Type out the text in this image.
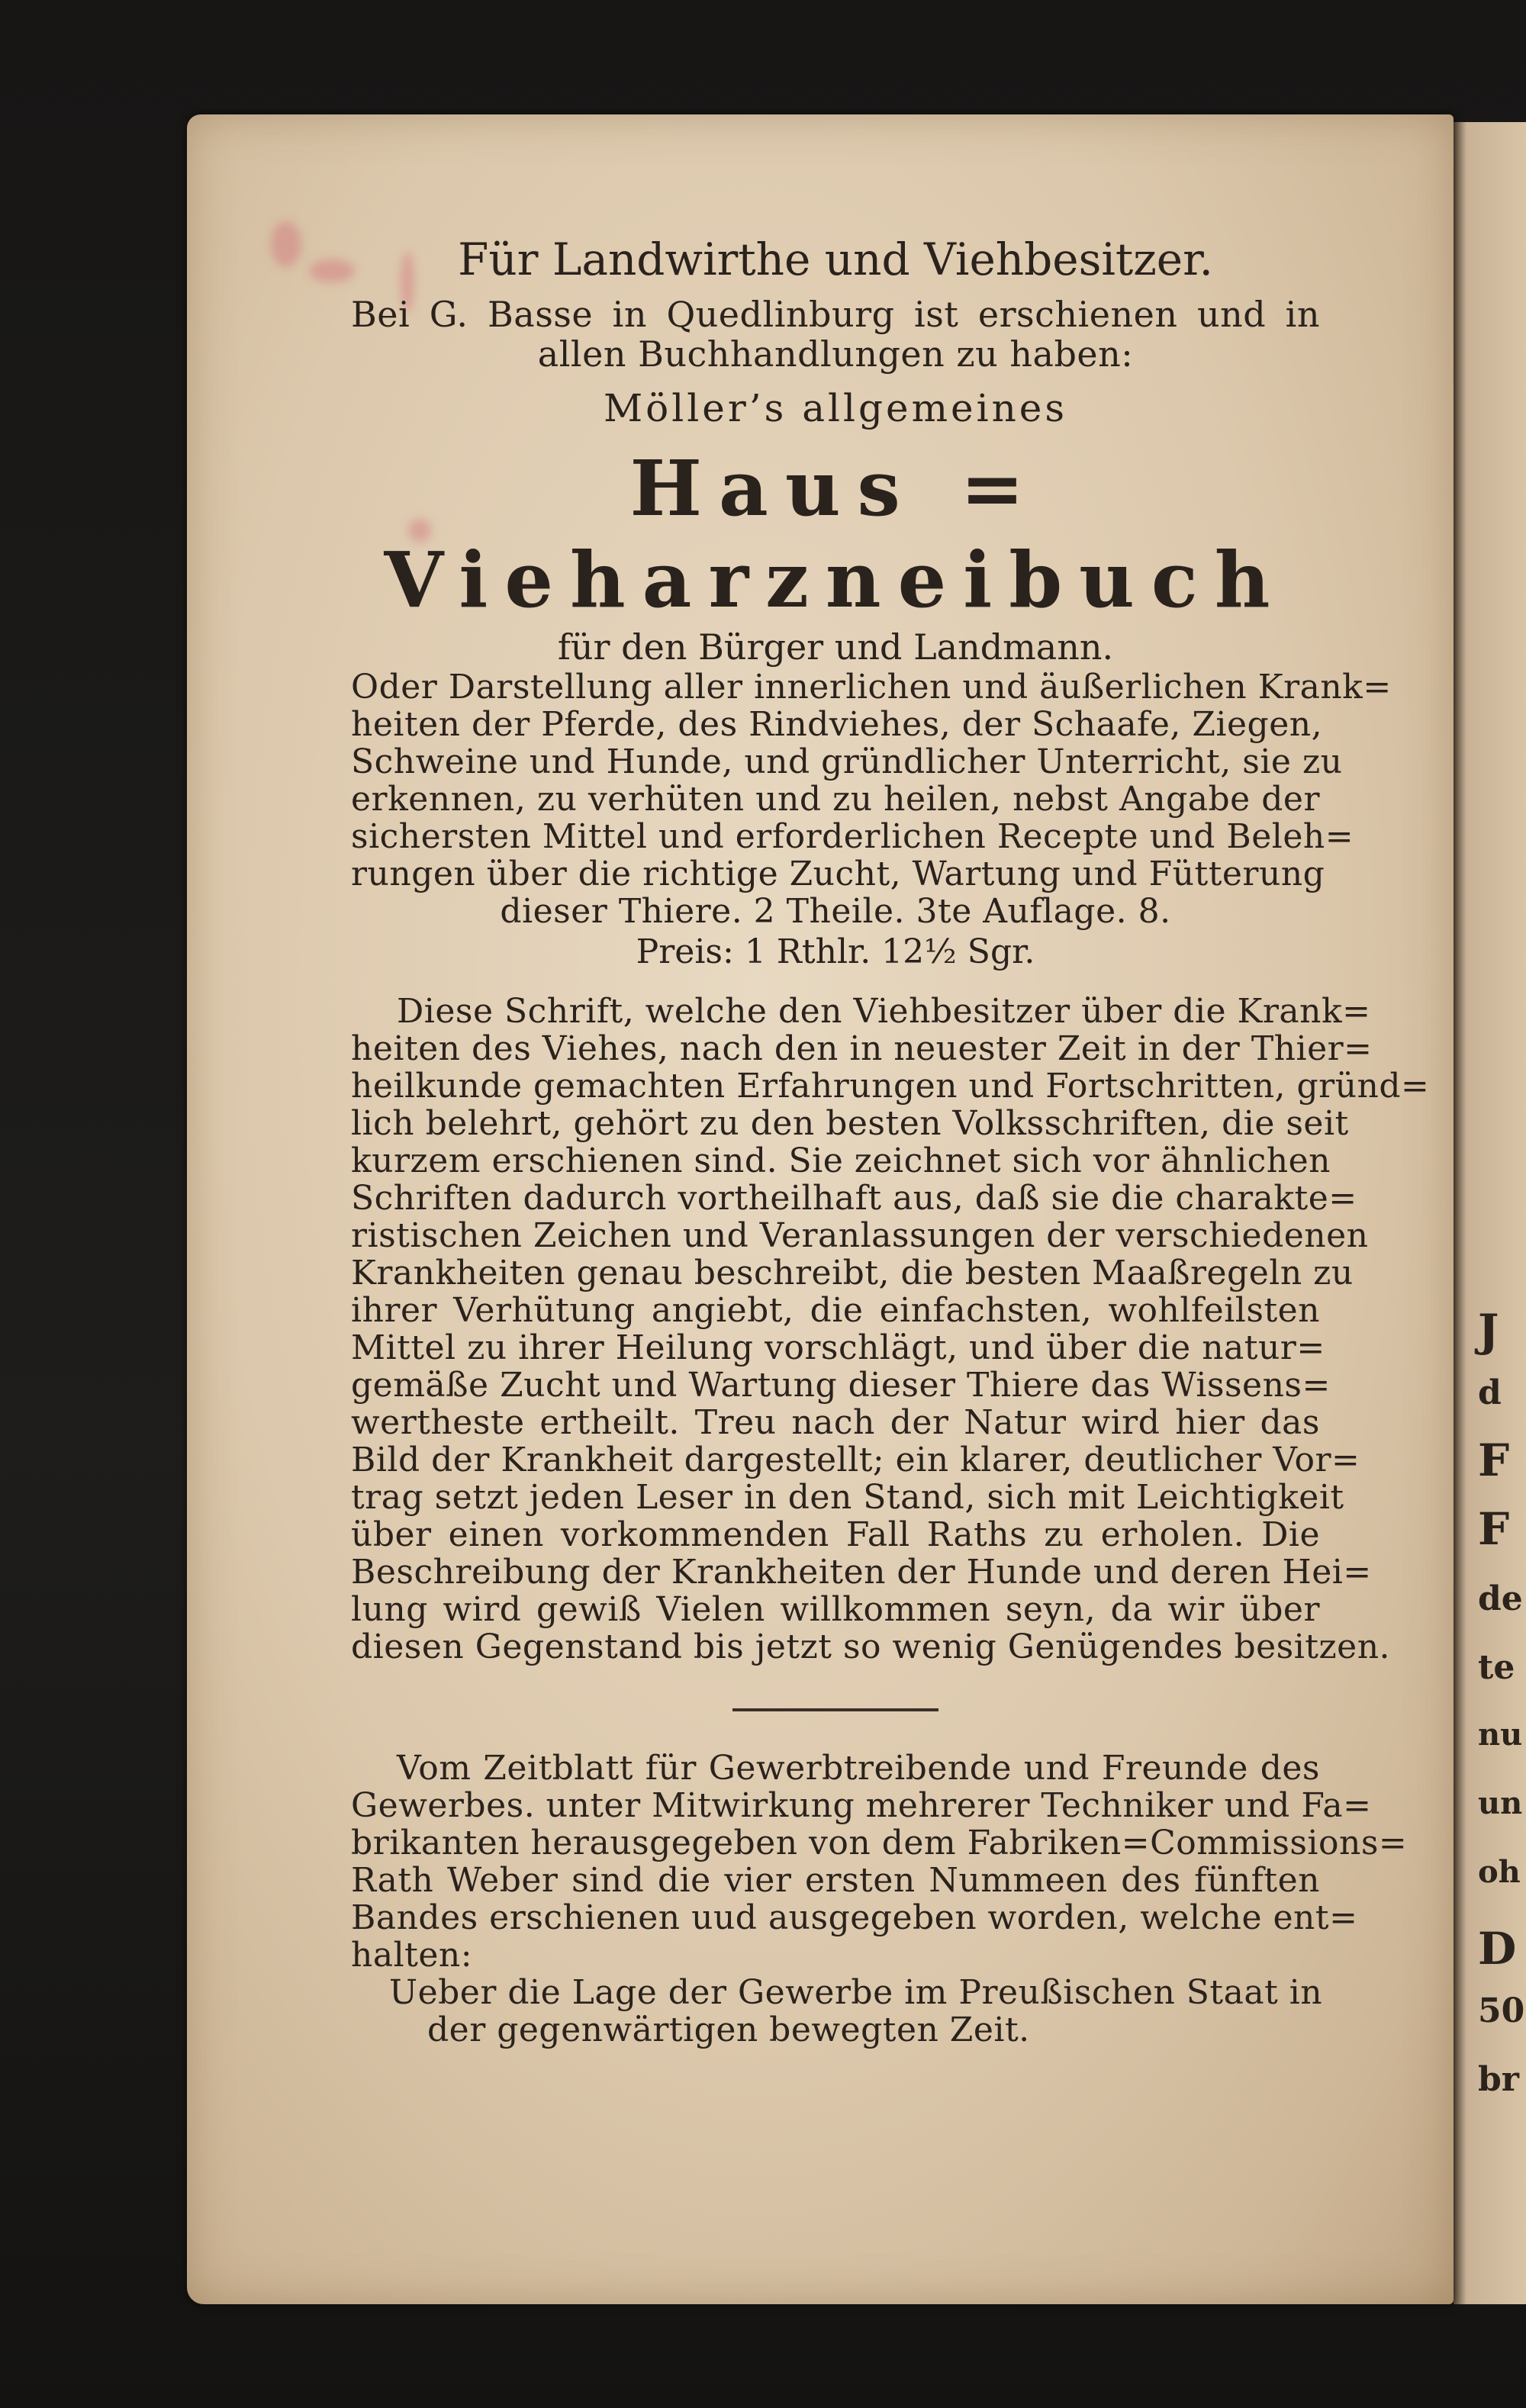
J
d
F
F
de
te
nu
un
oh
D
50
br
Für Landwirthe und Viehbesitzer.
Bei G. Basse in Quedlinburg ist erschienen und in
allen Buchhandlungen zu haben:
Möller’s allgemeines
Haus = Vieharzneibuch
für den Bürger und Landmann.
Oder Darstellung aller innerlichen und äußerlichen Krank=
heiten der Pferde, des Rindviehes, der Schaafe, Ziegen,
Schweine und Hunde, und gründlicher Unterricht, sie zu
erkennen, zu verhüten und zu heilen, nebst Angabe der
sichersten Mittel und erforderlichen Recepte und Beleh=
rungen über die richtige Zucht, Wartung und Fütterung
dieser Thiere. 2 Theile. 3te Auflage. 8.
Preis: 1 Rthlr. 12½ Sgr.
Diese Schrift, welche den Viehbesitzer über die Krank=
heiten des Viehes, nach den in neuester Zeit in der Thier=
heilkunde gemachten Erfahrungen und Fortschritten, gründ=
lich belehrt, gehört zu den besten Volksschriften, die seit
kurzem erschienen sind. Sie zeichnet sich vor ähnlichen
Schriften dadurch vortheilhaft aus, daß sie die charakte=
ristischen Zeichen und Veranlassungen der verschiedenen
Krankheiten genau beschreibt, die besten Maaßregeln zu
ihrer Verhütung angiebt, die einfachsten, wohlfeilsten
Mittel zu ihrer Heilung vorschlägt, und über die natur=
gemäße Zucht und Wartung dieser Thiere das Wissens=
wertheste ertheilt. Treu nach der Natur wird hier das
Bild der Krankheit dargestellt; ein klarer, deutlicher Vor=
trag setzt jeden Leser in den Stand, sich mit Leichtigkeit
über einen vorkommenden Fall Raths zu erholen. Die
Beschreibung der Krankheiten der Hunde und deren Hei=
lung wird gewiß Vielen willkommen seyn, da wir über
diesen Gegenstand bis jetzt so wenig Genügendes besitzen.
Vom Zeitblatt für Gewerbtreibende und Freunde des
Gewerbes. unter Mitwirkung mehrerer Techniker und Fa=
brikanten herausgegeben von dem Fabriken=Commissions=
Rath Weber sind die vier ersten Nummeen des fünften
Bandes erschienen uud ausgegeben worden, welche ent=
halten:
Ueber die Lage der Gewerbe im Preußischen Staat in
der gegenwärtigen bewegten Zeit.
